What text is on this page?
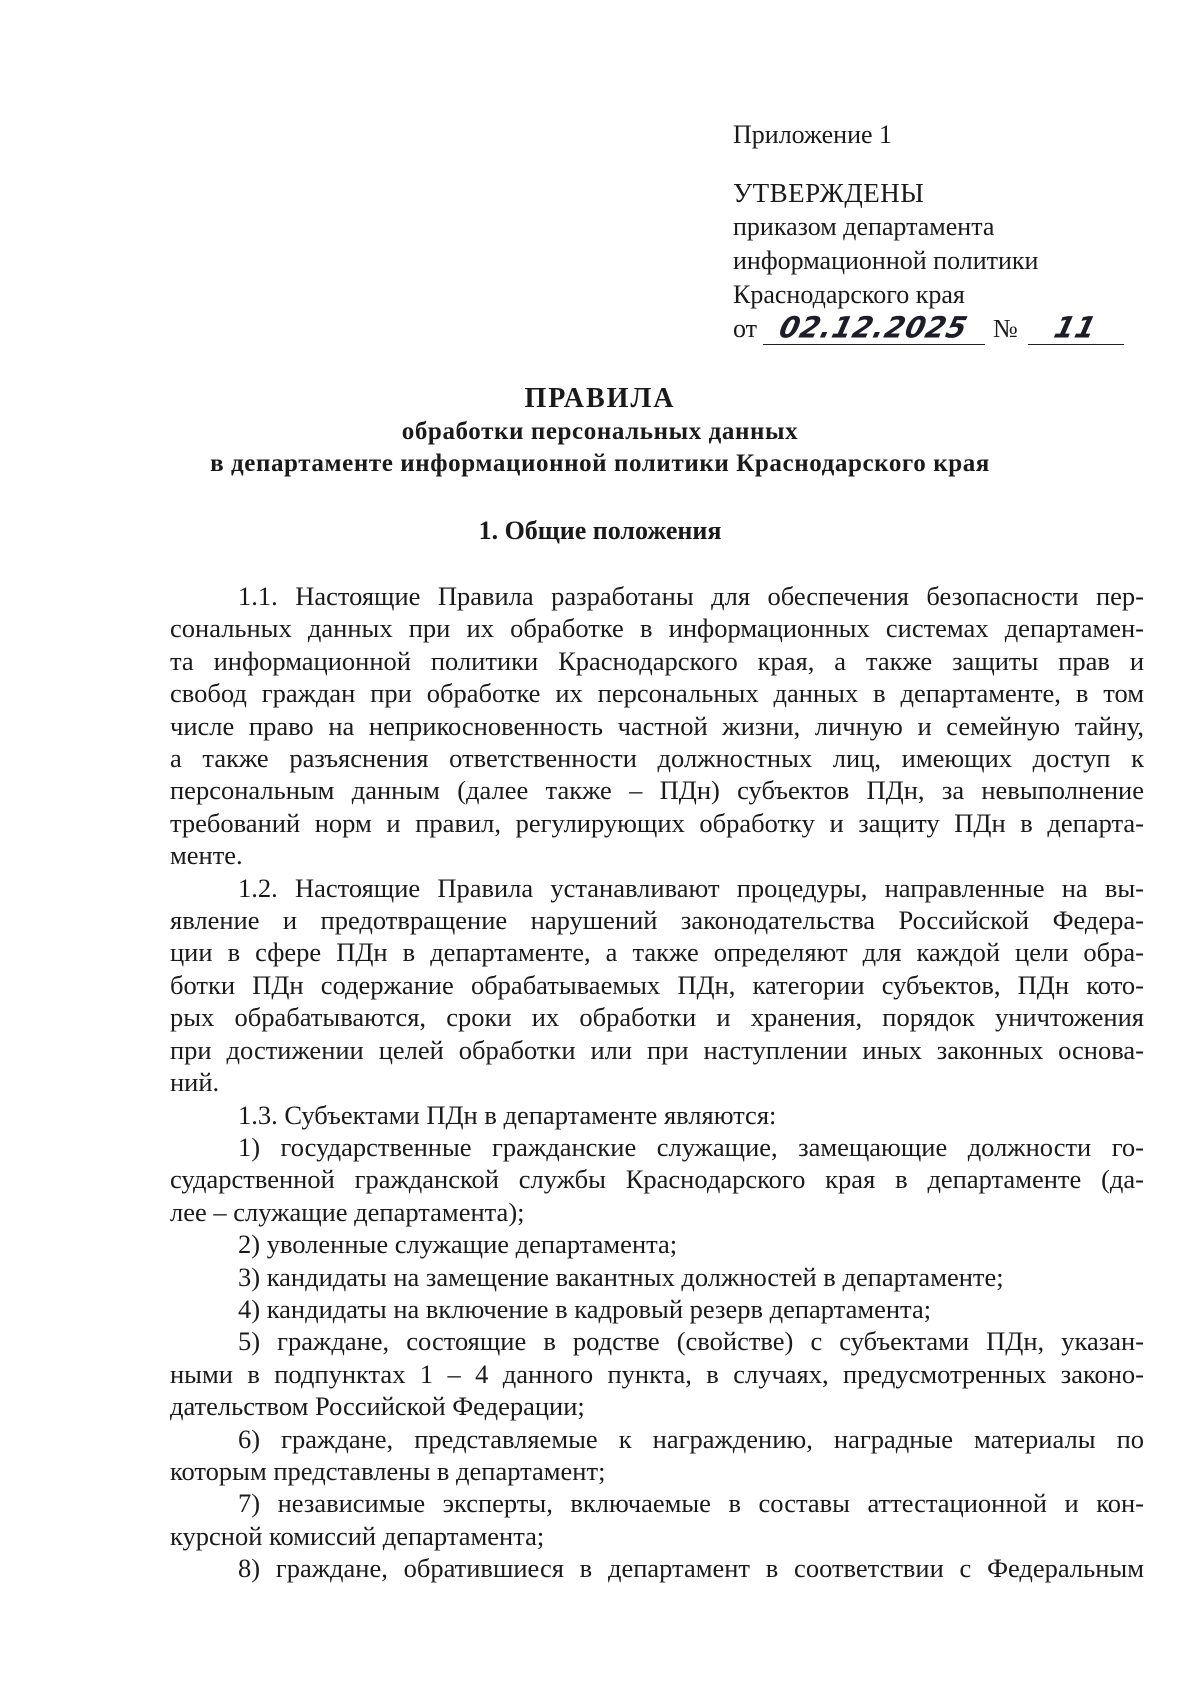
Приложение 1
УТВЕРЖДЕНЫ
приказом департамента
информационной политики
Краснодарского края
от 02.12.2025 № 11
ПРАВИЛА
обработки персональных данных
в департаменте информационной политики Краснодарского края
1. Общие положения
1.1. Настоящие Правила разработаны для обеспечения безопасности пер-
сональных данных при их обработке в информационных системах департамен-
та информационной политики Краснодарского края, а также защиты прав и
свобод граждан при обработке их персональных данных в департаменте, в том
числе право на неприкосновенность частной жизни, личную и семейную тайну,
а также разъяснения ответственности должностных лиц, имеющих доступ к
персональным данным (далее также – ПДн) субъектов ПДн, за невыполнение
требований норм и правил, регулирующих обработку и защиту ПДн в департа-
менте.
1.2. Настоящие Правила устанавливают процедуры, направленные на вы-
явление и предотвращение нарушений законодательства Российской Федера-
ции в сфере ПДн в департаменте, а также определяют для каждой цели обра-
ботки ПДн содержание обрабатываемых ПДн, категории субъектов, ПДн кото-
рых обрабатываются, сроки их обработки и хранения, порядок уничтожения
при достижении целей обработки или при наступлении иных законных основа-
ний.
1.3. Субъектами ПДн в департаменте являются:
1) государственные гражданские служащие, замещающие должности го-
сударственной гражданской службы Краснодарского края в департаменте (да-
лее – служащие департамента);
2) уволенные служащие департамента;
3) кандидаты на замещение вакантных должностей в департаменте;
4) кандидаты на включение в кадровый резерв департамента;
5) граждане, состоящие в родстве (свойстве) с субъектами ПДн, указан-
ными в подпунктах 1 – 4 данного пункта, в случаях, предусмотренных законо-
дательством Российской Федерации;
6) граждане, представляемые к награждению, наградные материалы по
которым представлены в департамент;
7) независимые эксперты, включаемые в составы аттестационной и кон-
курсной комиссий департамента;
8) граждане, обратившиеся в департамент в соответствии с Федеральным
